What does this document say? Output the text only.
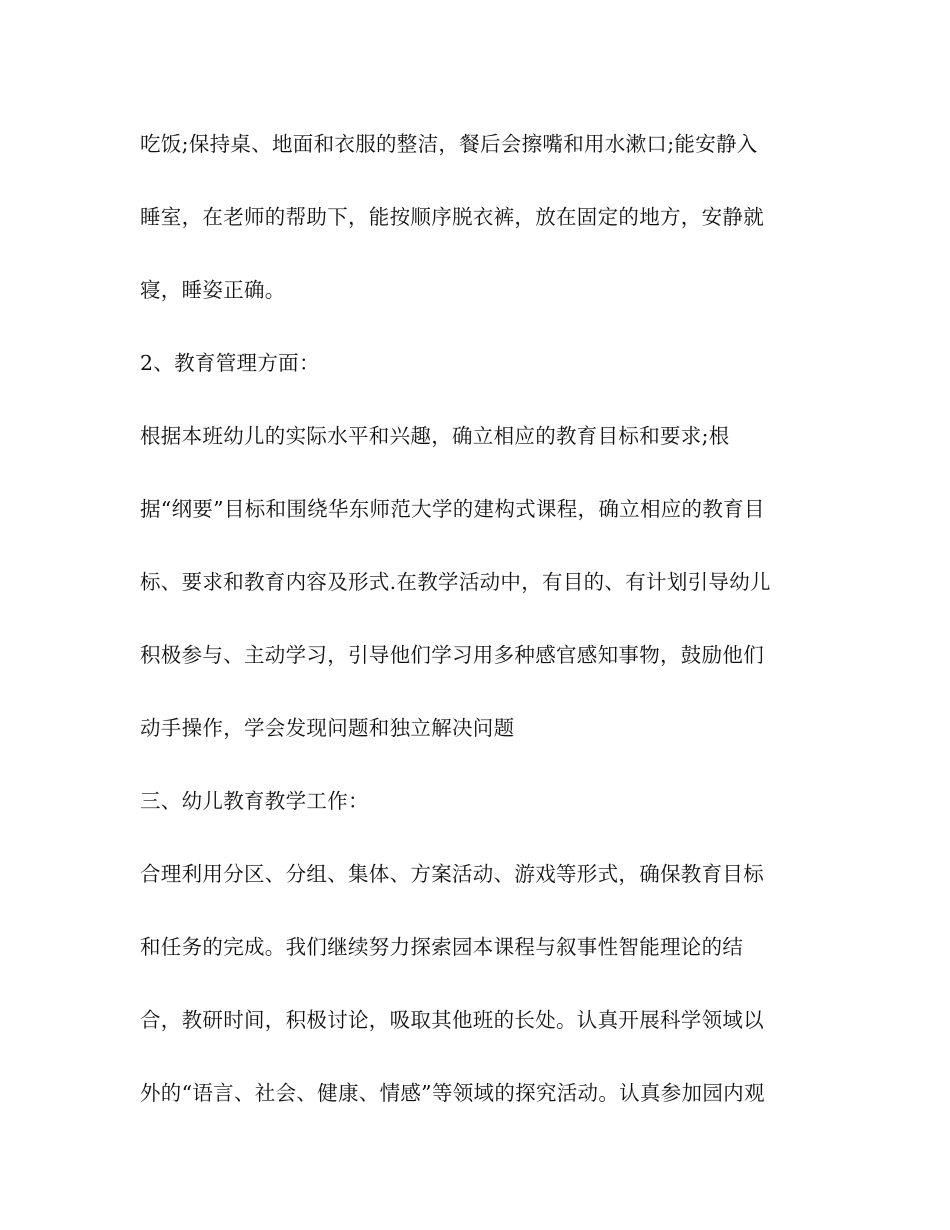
吃饭;保持桌、地面和衣服的整洁，餐后会擦嘴和用水漱口;能安静入
睡室，在老师的帮助下，能按顺序脱衣裤，放在固定的地方，安静就
寝，睡姿正确。
2、教育管理方面：
根据本班幼儿的实际水平和兴趣，确立相应的教育目标和要求;根
据“纲要”目标和围绕华东师范大学的建构式课程，确立相应的教育目
标、要求和教育内容及形式.在教学活动中，有目的、有计划引导幼儿
积极参与、主动学习，引导他们学习用多种感官感知事物，鼓励他们
动手操作，学会发现问题和独立解决问题
三、幼儿教育教学工作：
合理利用分区、分组、集体、方案活动、游戏等形式，确保教育目标
和任务的完成。我们继续努力探索园本课程与叙事性智能理论的结
合，教研时间，积极讨论，吸取其他班的长处。认真开展科学领域以
外的“语言、社会、健康、情感”等领域的探究活动。认真参加园内观
